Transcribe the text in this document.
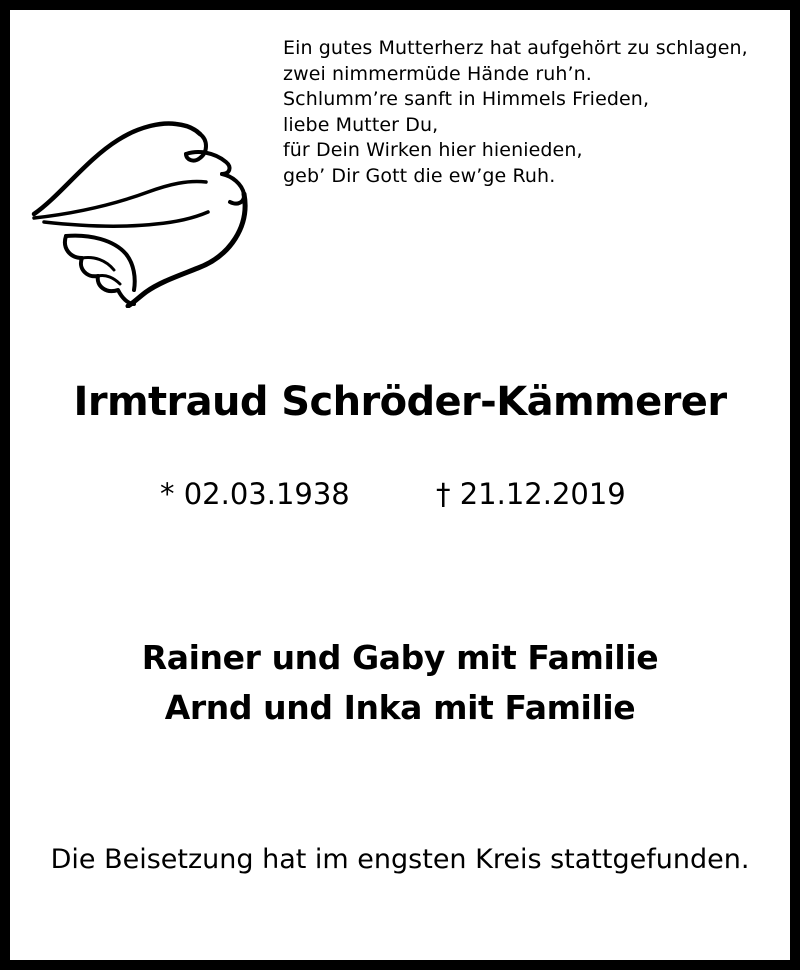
Ein gutes Mutterherz hat aufgehört zu schlagen,
zwei nimmermüde Hände ruh’n.
Schlumm’re sanft in Himmels Frieden,
liebe Mutter Du,
für Dein Wirken hier hienieden,
geb’ Dir Gott die ew’ge Ruh.
Irmtraud Schröder-Kämmerer
* 02.03.1938	† 21.12.2019
Rainer und Gaby mit Familie
Arnd und Inka mit Familie
Die Beisetzung hat im engsten Kreis stattgefunden.
